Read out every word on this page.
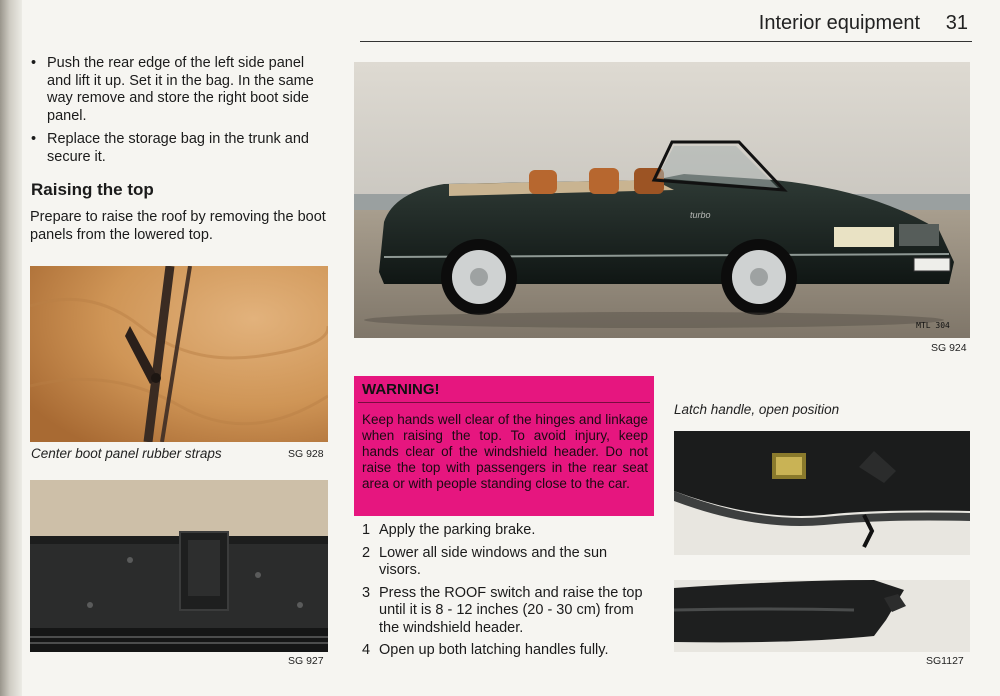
Interior equipment 31
• Push the rear edge of the left side panel and lift it up. Set it in the bag. In the same way remove and store the right boot side panel.
• Replace the storage bag in the trunk and secure it.
Raising the top
Prepare to raise the roof by removing the boot panels from the lowered top.
Center boot panel rubber straps	SG 928
SG 927
turbo
MTL 304
SG 924
WARNING!
Keep hands well clear of the hinges and linkage when raising the top. To avoid injury, keep hands clear of the windshield header. Do not raise the top with passengers in the rear seat area or with people standing close to the car.
1 Apply the parking brake.
2 Lower all side windows and the sun visors.
3 Press the ROOF switch and raise the top until it is 8 - 12 inches (20 - 30 cm) from the windshield header.
4 Open up both latching handles fully.
Latch handle, open position
SG1127
